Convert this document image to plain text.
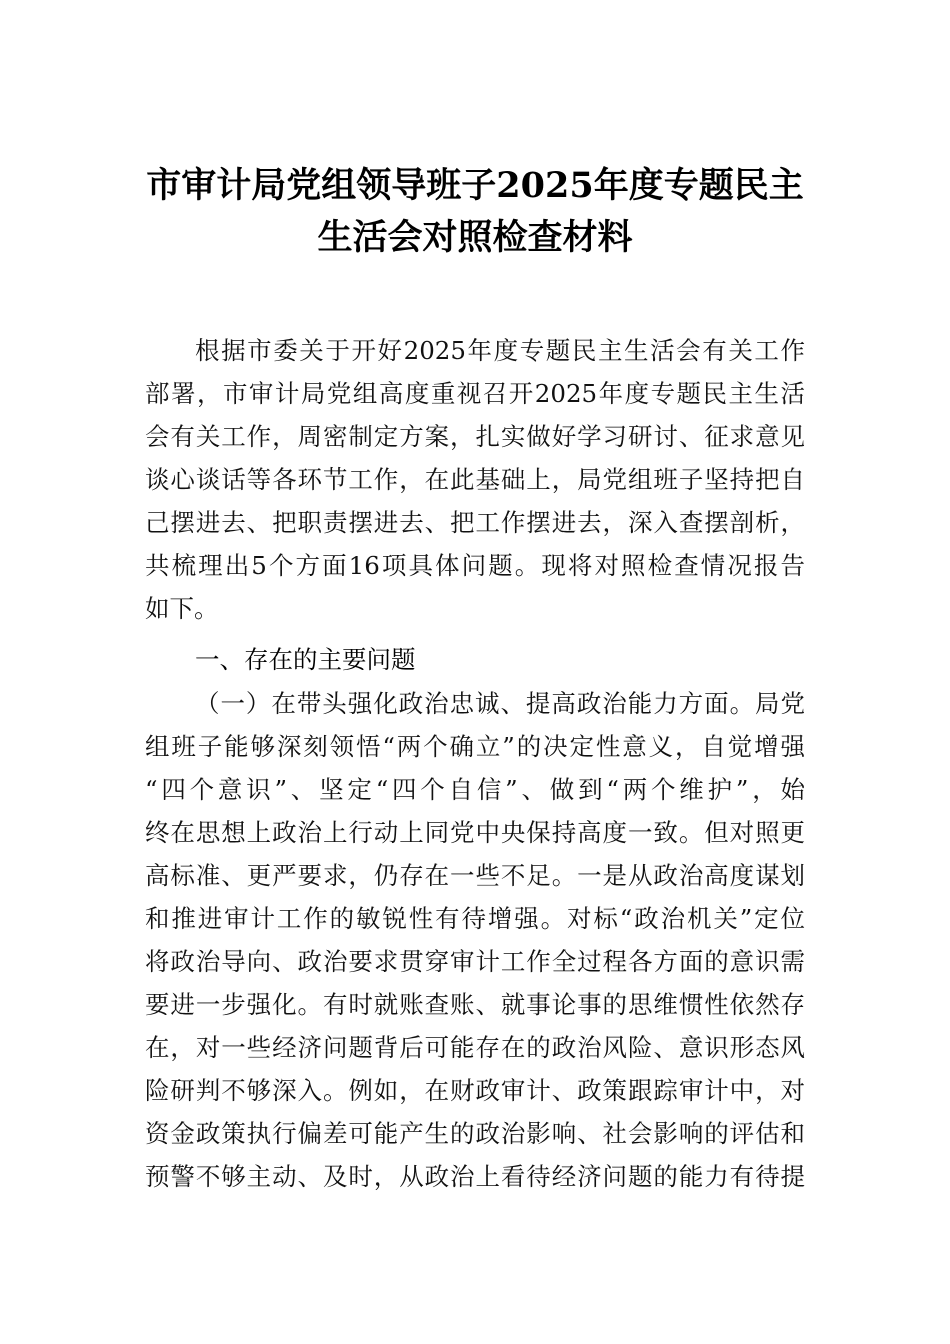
市审计局党组领导班子2025年度专题民主
生活会对照检查材料
根据市委关于开好2025年度专题民主生活会有关工作
部署，市审计局党组高度重视召开2025年度专题民主生活
会有关工作，周密制定方案，扎实做好学习研讨、征求意见
谈心谈话等各环节工作，在此基础上，局党组班子坚持把自
己摆进去、把职责摆进去、把工作摆进去，深入查摆剖析，
共梳理出5个方面16项具体问题。现将对照检查情况报告
如下。
一、存在的主要问题
（一）在带头强化政治忠诚、提高政治能力方面。局党
组班子能够深刻领悟“两个确立”的决定性意义，自觉增强
“四个意识”、坚定“四个自信”、做到“两个维护”，始
终在思想上政治上行动上同党中央保持高度一致。但对照更
高标准、更严要求，仍存在一些不足。一是从政治高度谋划
和推进审计工作的敏锐性有待增强。对标“政治机关”定位
将政治导向、政治要求贯穿审计工作全过程各方面的意识需
要进一步强化。有时就账查账、就事论事的思维惯性依然存
在，对一些经济问题背后可能存在的政治风险、意识形态风
险研判不够深入。例如，在财政审计、政策跟踪审计中，对
资金政策执行偏差可能产生的政治影响、社会影响的评估和
预警不够主动、及时，从政治上看待经济问题的能力有待提
